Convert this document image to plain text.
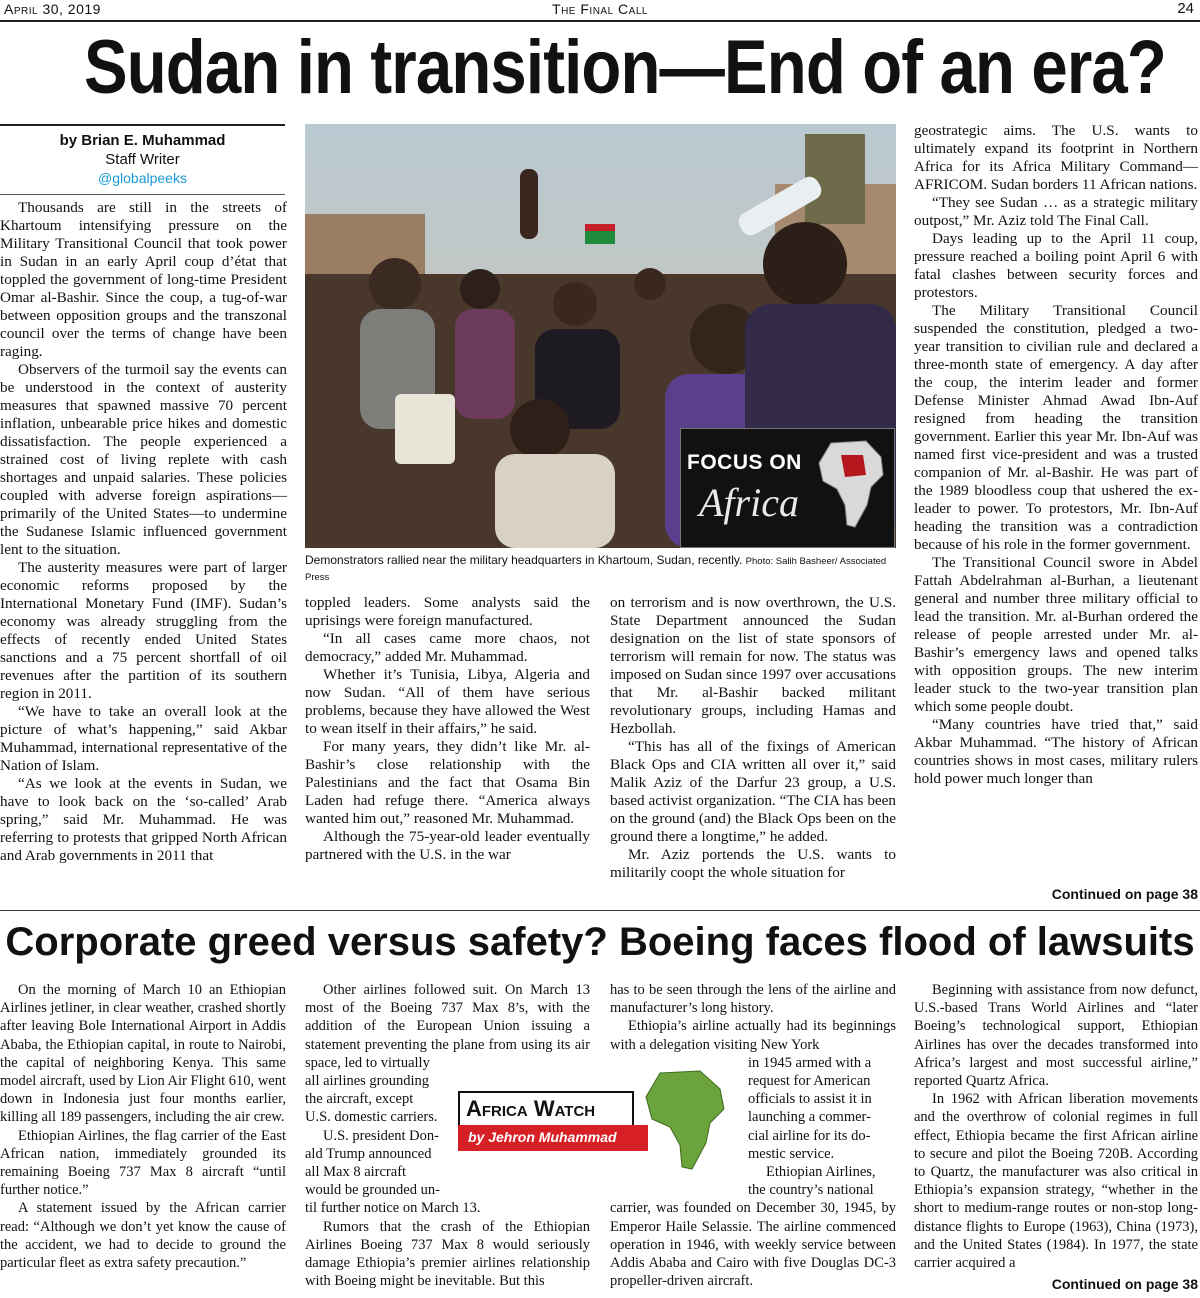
April 30, 2019	The Final Call	24
Sudan in transition—End of an era?
by Brian E. Muhammad
Staff Writer
@globalpeeks

Thousands are still in the streets of Khartoum intensifying pressure on the Military Transitional Council that took power in Sudan in an early April coup d’état that toppled the government of long-time President Omar al-Bashir. Since the coup, a tug-of-war between opposition groups and the transzonal council over the terms of change have been raging.

Observers of the turmoil say the events can be understood in the context of austerity measures that spawned massive 70 percent inflation, unbearable price hikes and domestic dissatisfaction. The people experienced a strained cost of living replete with cash shortages and unpaid salaries. These policies coupled with adverse foreign aspirations—primarily of the United States—to undermine the Sudanese Islamic influenced government lent to the situation.

The austerity measures were part of larger economic reforms proposed by the International Monetary Fund (IMF). Sudan’s economy was already struggling from the effects of recently ended United States sanctions and a 75 percent shortfall of oil revenues after the partition of its southern region in 2011.

“We have to take an overall look at the picture of what’s happening,” said Akbar Muhammad, international representative of the Nation of Islam.

“As we look at the events in Sudan, we have to look back on the ‘so-called’ Arab spring,” said Mr. Muhammad. He was referring to protests that gripped North African and Arab governments in 2011 that

FOCUS ON
Africa
Demonstrators rallied near the military headquarters in Khartoum, Sudan, recently. Photo: Salih Basheer/ Associated Press

toppled leaders. Some analysts said the uprisings were foreign manufactured.

“In all cases came more chaos, not democracy,” added Mr. Muhammad.

Whether it’s Tunisia, Libya, Algeria and now Sudan. “All of them have serious problems, because they have allowed the West to wean itself in their affairs,” he said.

For many years, they didn’t like Mr. al-Bashir’s close relationship with the Palestinians and the fact that Osama Bin Laden had refuge there. “America always wanted him out,” reasoned Mr. Muhammad.

Although the 75-year-old leader eventually partnered with the U.S. in the war

on terrorism and is now overthrown, the U.S. State Department announced the Sudan designation on the list of state sponsors of terrorism will remain for now. The status was imposed on Sudan since 1997 over accusations that Mr. al-Bashir backed militant revolutionary groups, including Hamas and Hezbollah.

“This has all of the fixings of American Black Ops and CIA written all over it,” said Malik Aziz of the Darfur 23 group, a U.S. based activist organization. “The CIA has been on the ground (and) the Black Ops been on the ground there a longtime,” he added.

Mr. Aziz portends the U.S. wants to militarily coopt the whole situation for

geostrategic aims. The U.S. wants to ultimately expand its footprint in Northern Africa for its Africa Military Command—AFRICOM. Sudan borders 11 African nations.

“They see Sudan … as a strategic military outpost,” Mr. Aziz told The Final Call.

Days leading up to the April 11 coup, pressure reached a boiling point April 6 with fatal clashes between security forces and protestors.

The Military Transitional Council suspended the constitution, pledged a two-year transition to civilian rule and declared a three-month state of emergency. A day after the coup, the interim leader and former Defense Minister Ahmad Awad Ibn-Auf resigned from heading the transition government. Earlier this year Mr. Ibn-Auf was named first vice-president and was a trusted companion of Mr. al-Bashir. He was part of the 1989 bloodless coup that ushered the ex-leader to power. To protestors, Mr. Ibn-Auf heading the transition was a contradiction because of his role in the former government.

The Transitional Council swore in Abdel Fattah Abdelrahman al-Burhan, a lieutenant general and number three military official to lead the transition. Mr. al-Burhan ordered the release of people arrested under Mr. al-Bashir’s emergency laws and opened talks with opposition groups. The new interim leader stuck to the two-year transition plan which some people doubt.

“Many countries have tried that,” said Akbar Muhammad. “The history of African countries shows in most cases, military rulers hold power much longer than

Continued on page 38
Corporate greed versus safety? Boeing faces flood of lawsuits

On the morning of March 10 an Ethiopian Airlines jetliner, in clear weather, crashed shortly after leaving Bole International Airport in Addis Ababa, the Ethiopian capital, in route to Nairobi, the capital of neighboring Kenya. This same model aircraft, used by Lion Air Flight 610, went down in Indonesia just four months earlier, killing all 189 passengers, including the air crew.

Ethiopian Airlines, the flag carrier of the East African nation, immediately grounded its remaining Boeing 737 Max 8 aircraft “until further notice.”

A statement issued by the African carrier read: “Although we don’t yet know the cause of the accident, we had to decide to ground the particular fleet as extra safety precaution.”

Other airlines followed suit. On March 13 most of the Boeing 737 Max 8’s, with the addition of the European Union issuing a statement preventing the plane from using its air space, led to virtually

all airlines grounding
the aircraft, except
U.S. domestic carriers.
U.S. president Don-
ald Trump announced
all Max 8 aircraft
would be grounded un-

til further notice on March 13.

Rumors that the crash of the Ethiopian Airlines Boeing 737 Max 8 would seriously damage Ethiopia’s premier airlines relationship with Boeing might be inevitable. But this

has to be seen through the lens of the airline and manufacturer’s long history.

Ethiopia’s airline actually had its beginnings with a delegation visiting New York

in 1945 armed with a
request for American
officials to assist it in
launching a commer-
cial airline for its do-
mestic service.
Ethiopian Airlines,
the country’s national

carrier, was founded on December 30, 1945, by Emperor Haile Selassie. The airline commenced operation in 1946, with weekly service between Addis Ababa and Cairo with five Douglas DC-3 propeller-driven aircraft.

Africa Watch
by Jehron Muhammad

Beginning with assistance from now defunct, U.S.-based Trans World Airlines and “later Boeing’s technological support, Ethiopian Airlines has over the decades transformed into Africa’s largest and most successful airline,” reported Quartz Africa.

In 1962 with African liberation movements and the overthrow of colonial regimes in full effect, Ethiopia became the first African airline to secure and pilot the Boeing 720B. According to Quartz, the manufacturer was also critical in Ethiopia’s expansion strategy, “whether in the short to medium-range routes or non-stop long-distance flights to Europe (1963), China (1973), and the United States (1984). In 1977, the state carrier acquired a

Continued on page 38
